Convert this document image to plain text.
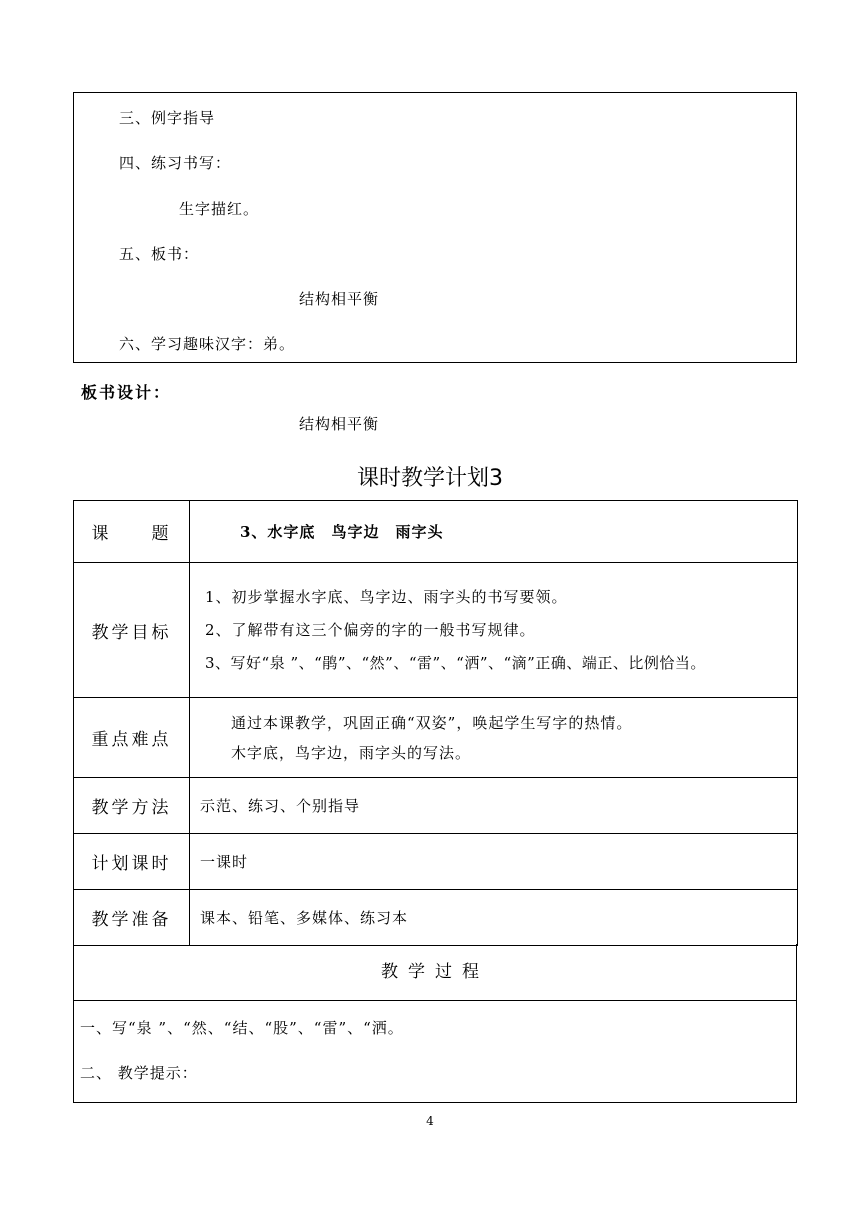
三、例字指导
四、练习书写：
生字描红。
五、板书：
结构相平衡
六、学习趣味汉字：弟。
板书设计：
结构相平衡
课时教学计划3
课　　题	3、水字底　鸟字边　雨字头
教学目标	1、初步掌握水字底、鸟字边、雨字头的书写要领。
2、了解带有这三个偏旁的字的一般书写规律。
3、写好“泉 ”、“鹃”、“然”、“雷”、“洒”、“滴”正确、端正、比例恰当。

重点难点	通过本课教学，巩固正确“双姿”，唤起学生写字的热情。
木字底，鸟字边，雨字头的写法。

教学方法	示范、练习、个别指导
计划课时	一课时
教学准备	课本、铅笔、多媒体、练习本
教学过程
一、写“泉 ”、“然、“结、“股”、“雷”、“洒。
二、 教学提示：
4
